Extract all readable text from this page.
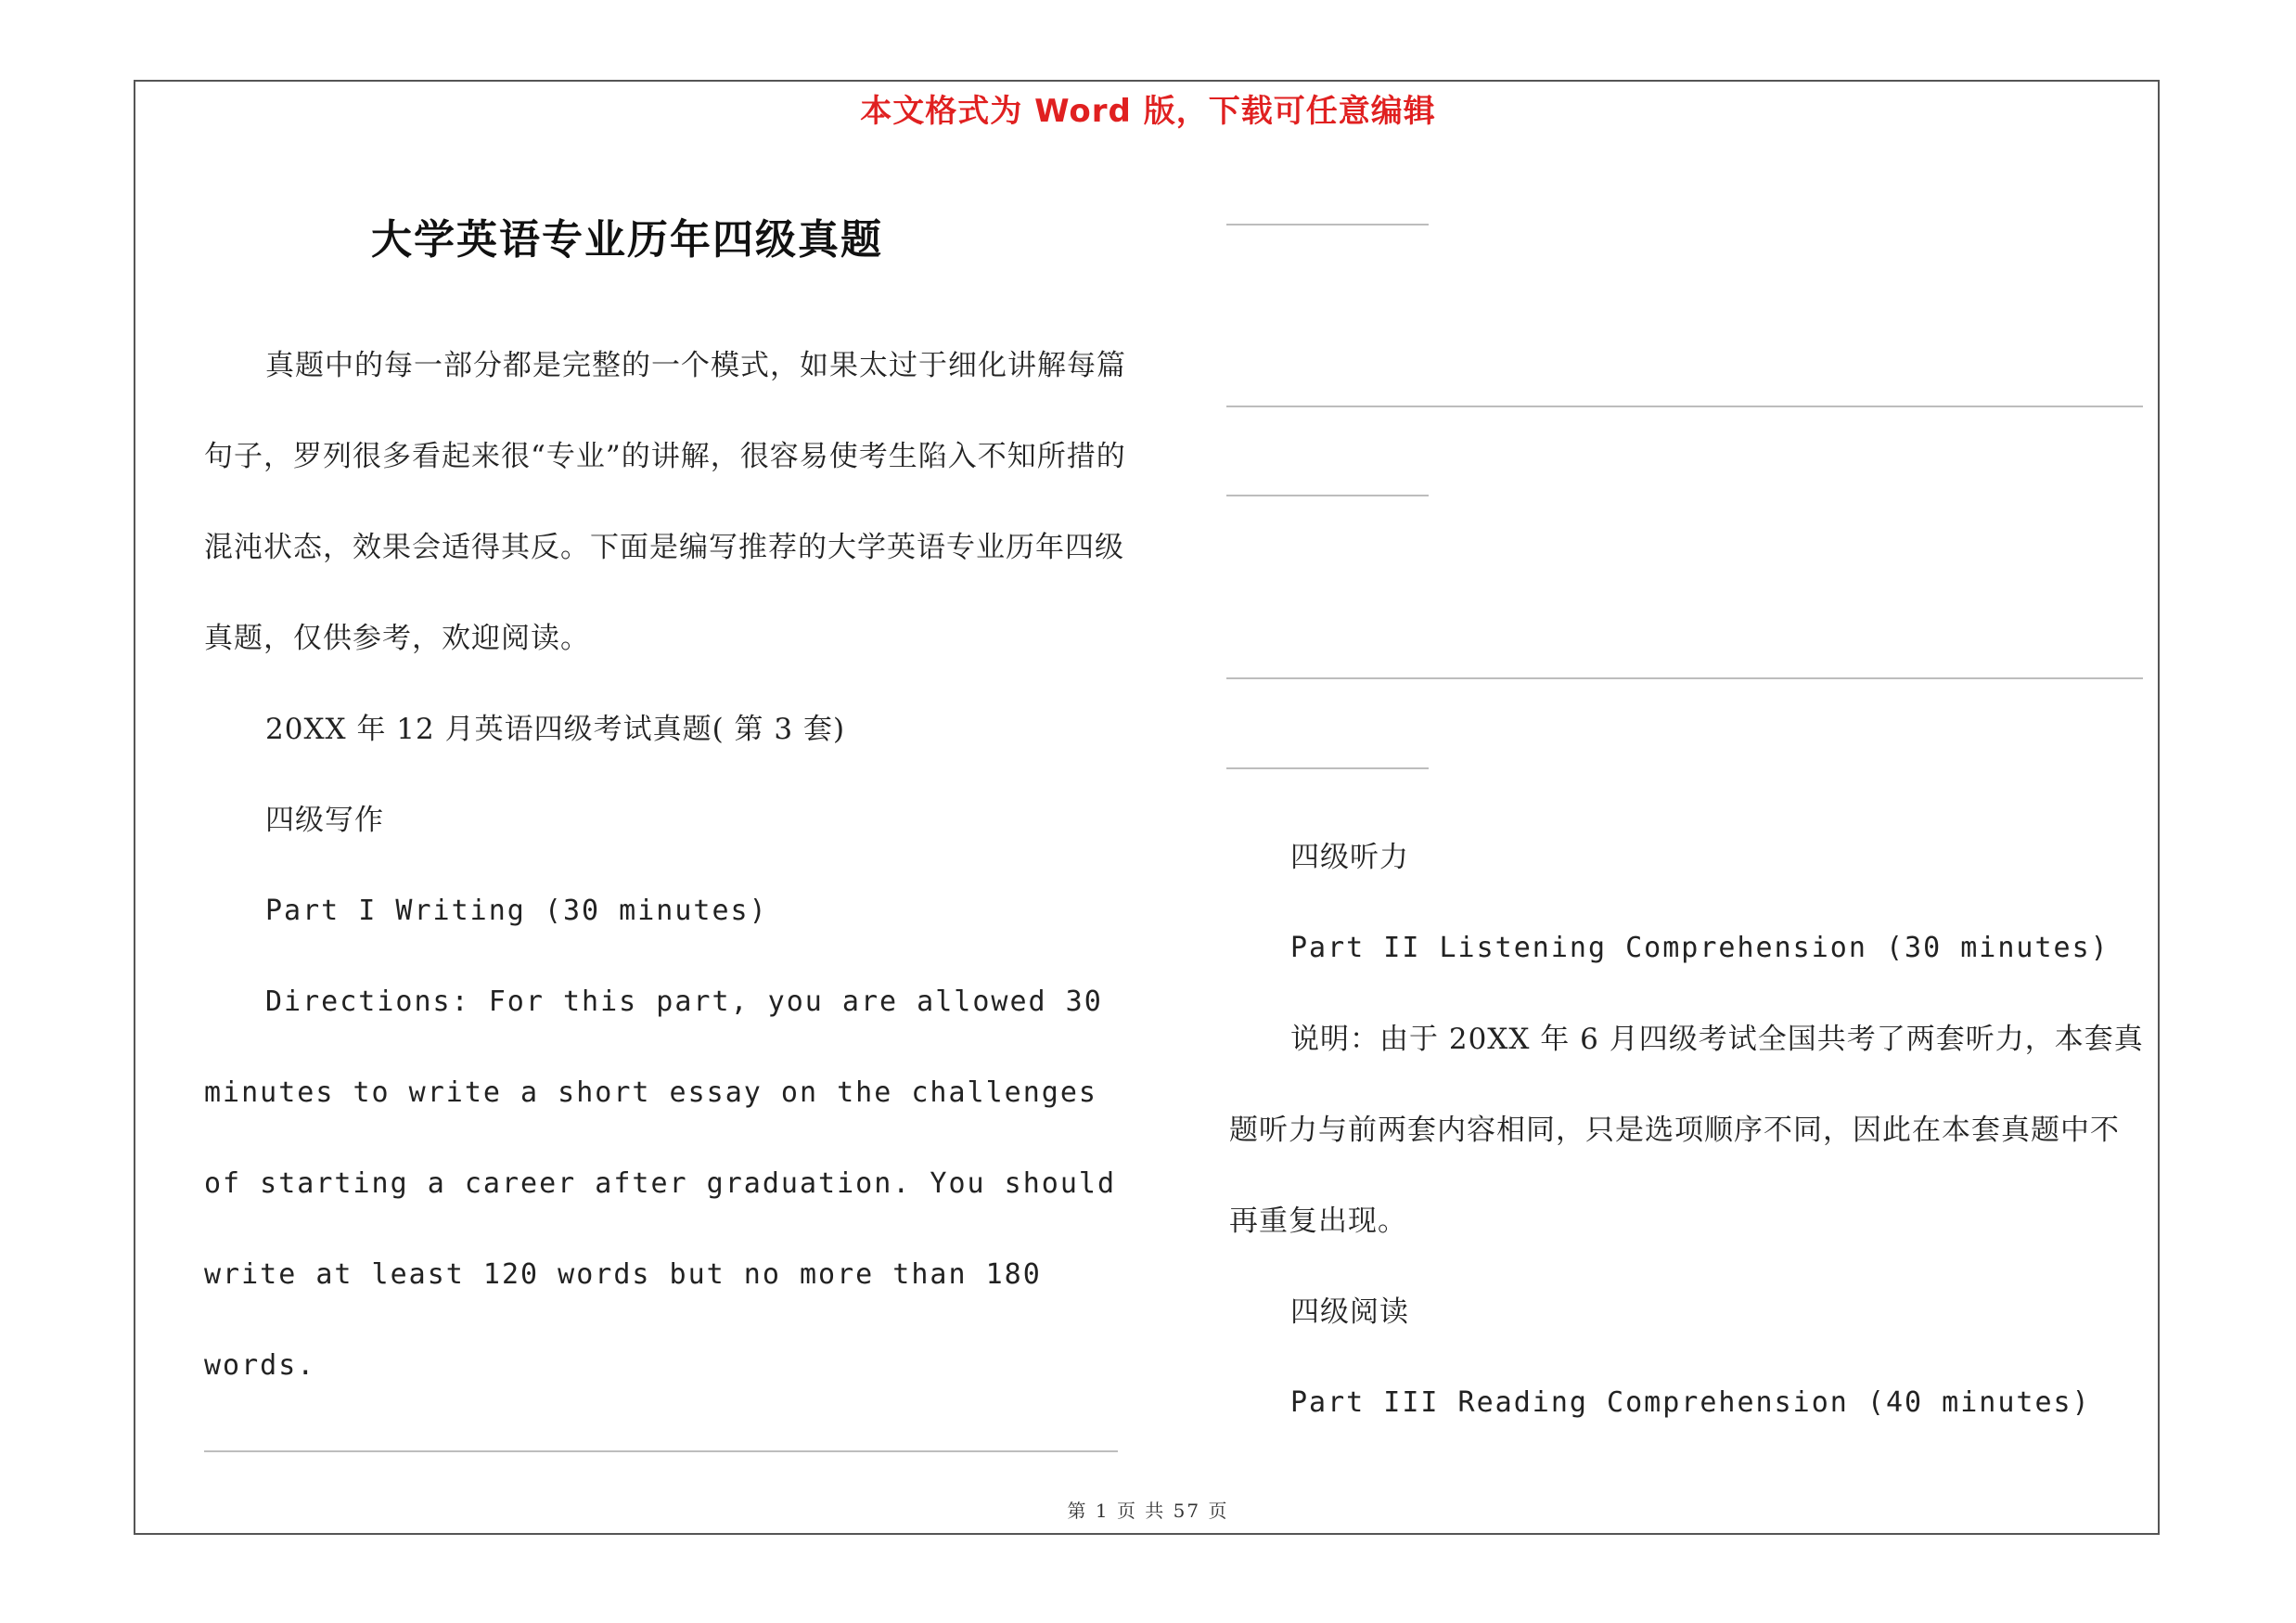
本文格式为 Word 版，下载可任意编辑
大学英语专业历年四级真题

真题中的每一部分都是完整的一个模式，如果太过于细化讲解每篇句子，罗列很多看起来很“专业”的讲解，很容易使考生陷入不知所措的混沌状态，效果会适得其反。下面是编写推荐的大学英语专业历年四级真题，仅供参考，欢迎阅读。

20XX 年 12 月英语四级考试真题( 第 3 套)

四级写作

Part I Writing (30 minutes)

Directions: For this part, you are allowed 30 minutes to write a short essay on the challenges of starting a career after graduation. You should write at least 120 words but no more than 180 words.

四级听力

Part II Listening Comprehension (30 minutes)

说明：由于 20XX 年 6 月四级考试全国共考了两套听力，本套真题听力与前两套内容相同，只是选项顺序不同，因此在本套真题中不再重复出现。

四级阅读

Part III Reading Comprehension (40 minutes)

第 1 页 共 57 页
